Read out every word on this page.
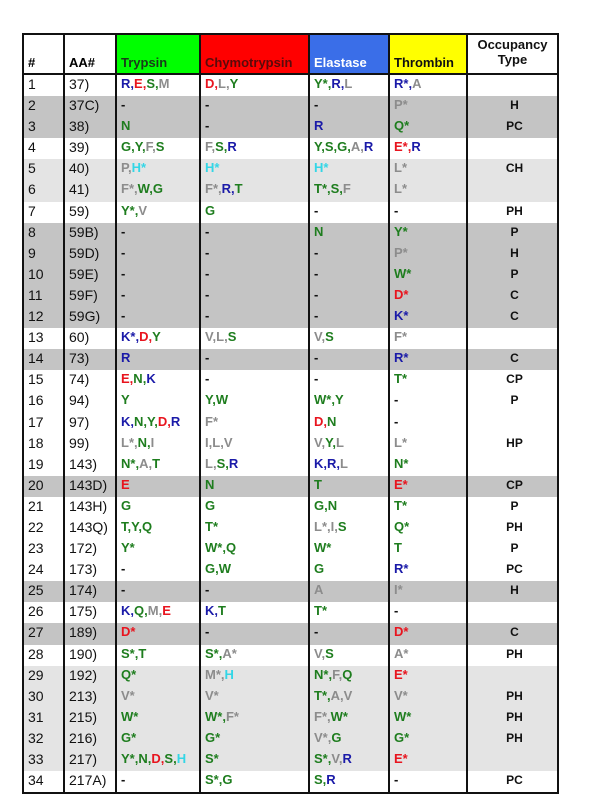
#	AA#	Trypsin	Chymotrypsin	Elastase	Thrombin	Occupancy
Type
1	37)	R,E,S,M	D,L,Y	Y*,R,L	R*,A	
2	37C)	-	-	-	P*	H
3	38)	N	-	R	Q*	PC
4	39)	G,Y,F,S	F,S,R	Y,S,G,A,R	E*,R	
5	40)	P,H*	H*	H*	L*	CH
6	41)	F*,W,G	F*,R,T	T*,S,F	L*	
7	59)	Y*,V	G	-	-	PH
8	59B)	-	-	N	Y*	P
9	59D)	-	-	-	P*	H
10	59E)	-	-	-	W*	P
11	59F)	-	-	-	D*	C
12	59G)	-	-	-	K*	C
13	60)	K*,D,Y	V,L,S	V,S	F*	
14	73)	R	-	-	R*	C
15	74)	E,N,K	-	-	T*	CP
16	94)	Y	Y,W	W*,Y	-	P
17	97)	K,N,Y,D,R	F*	D,N	-	
18	99)	L*,N,I	I,L,V	V,Y,L	L*	HP
19	143)	N*,A,T	L,S,R	K,R,L	N*	
20	143D)	E	N	T	E*	CP
21	143H)	G	G	G,N	T*	P
22	143Q)	T,Y,Q	T*	L*,I,S	Q*	PH
23	172)	Y*	W*,Q	W*	T	P
24	173)	-	G,W	G	R*	PC
25	174)	-	-	A	I*	H
26	175)	K,Q,M,E	K,T	T*	-	
27	189)	D*	-	-	D*	C
28	190)	S*,T	S*,A*	V,S	A*	PH
29	192)	Q*	M*,H	N*,F,Q	E*	
30	213)	V*	V*	T*,A,V	V*	PH
31	215)	W*	W*,F*	F*,W*	W*	PH
32	216)	G*	G*	V*,G	G*	PH
33	217)	Y*,N,D,S,H	S*	S*,V,R	E*	
34	217A)	-	S*,G	S,R	-	PC
